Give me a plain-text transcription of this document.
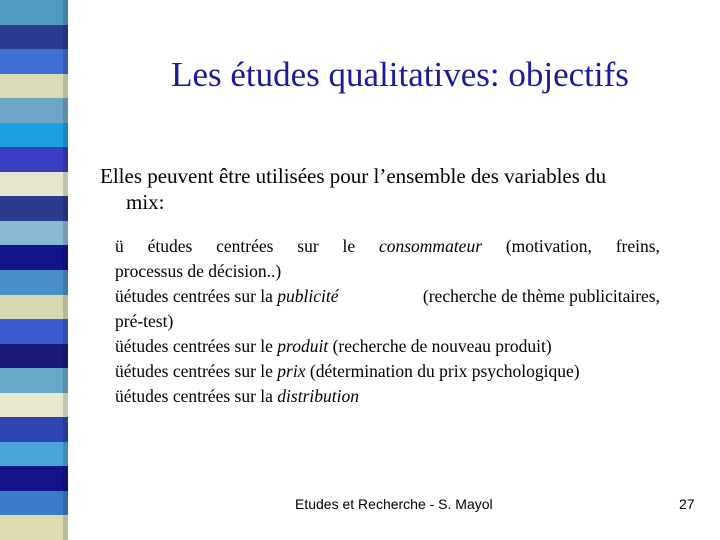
Les études qualitatives: objectifs
Elles peuvent être utilisées pour l’ensemble des variables du
mix:
ü études centrées sur le consommateur (motivation, freins,
processus de décision..)
üétudes centrées sur la publicité	(recherche de thème publicitaires,
pré-test)
üétudes centrées sur le produit (recherche de nouveau produit)
üétudes centrées sur le prix (détermination du prix psychologique)
üétudes centrées sur la distribution
Etudes et Recherche - S. Mayol	27
